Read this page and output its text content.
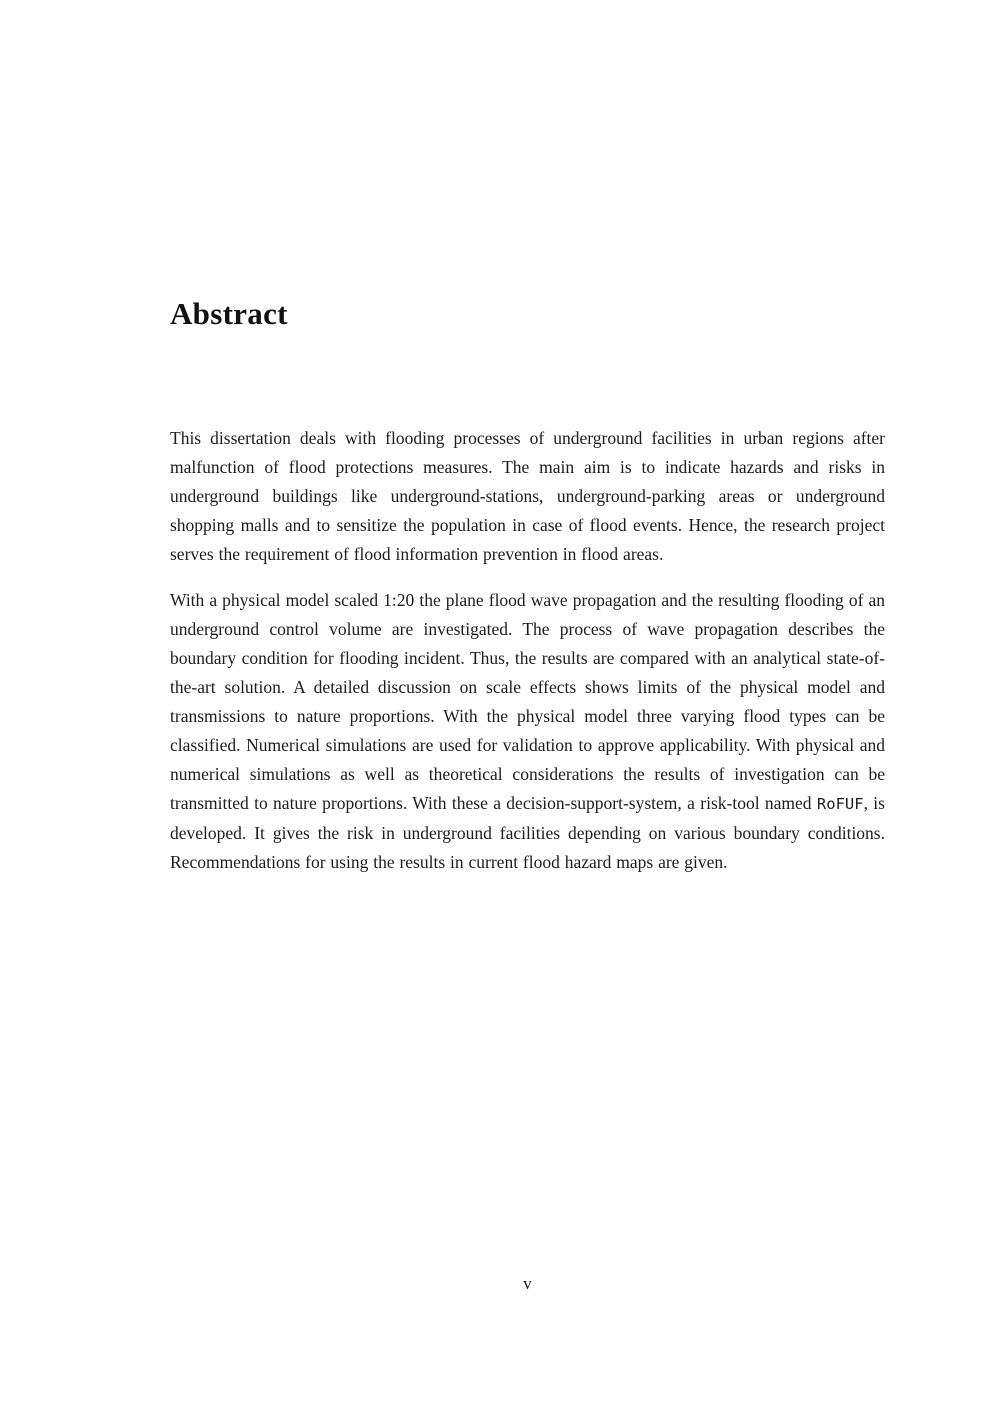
Abstract

This dissertation deals with flooding processes of underground facilities in urban regions after malfunction of flood protections measures. The main aim is to indicate hazards and risks in underground buildings like underground-stations, underground-parking areas or underground shopping malls and to sensitize the population in case of flood events. Hence, the research project serves the requirement of flood information prevention in flood areas.

With a physical model scaled 1:20 the plane flood wave propagation and the resulting flooding of an underground control volume are investigated. The process of wave propagation describes the boundary condition for flooding incident. Thus, the results are compared with an analytical state-of-the-art solution. A detailed discussion on scale effects shows limits of the physical model and transmissions to nature proportions. With the physical model three varying flood types can be classified. Numerical simulations are used for validation to approve applicability. With physical and numerical simulations as well as theoretical considerations the results of investigation can be transmitted to nature proportions. With these a decision-support-system, a risk-tool named RoFUF, is developed. It gives the risk in underground facilities depending on various boundary conditions. Recommendations for using the results in current flood hazard maps are given.

v
